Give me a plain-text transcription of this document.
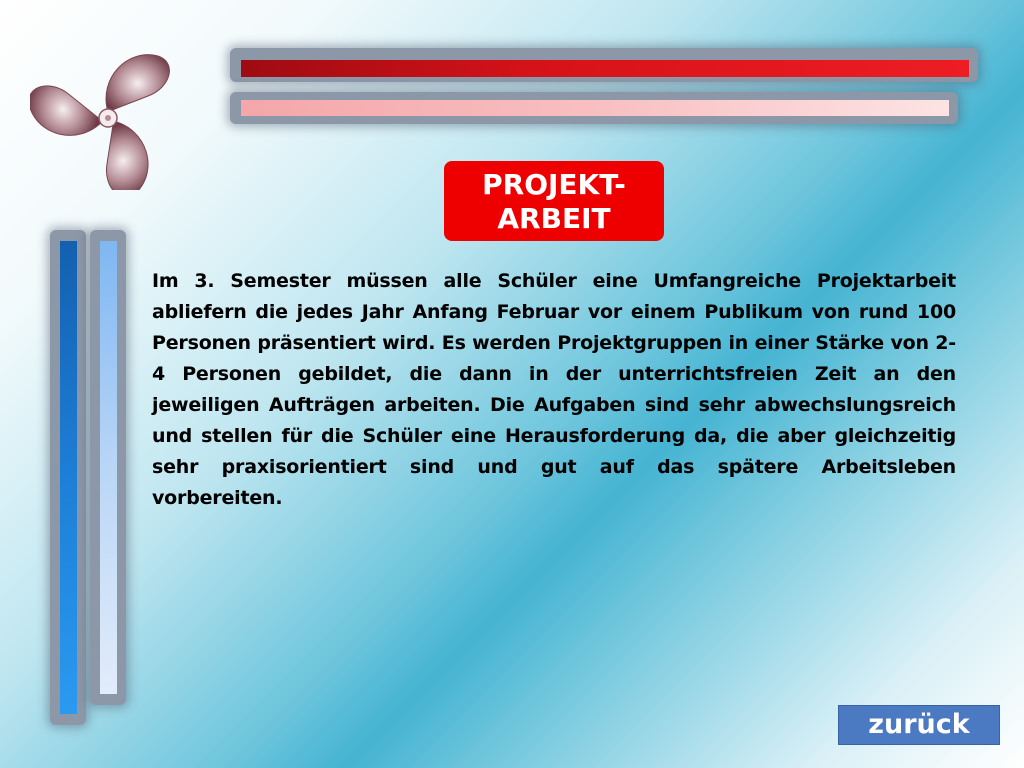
PROJEKT-
ARBEIT
Im 3. Semester müssen alle Schüler eine Umfangreiche Projektarbeit abliefern die jedes Jahr Anfang Februar vor einem Publikum von rund 100 Personen präsentiert wird. Es werden Projektgruppen in einer Stärke von 2-4 Personen gebildet, die dann in der unterrichtsfreien Zeit an den jeweiligen Aufträgen arbeiten. Die Aufgaben sind sehr abwechslungsreich und stellen für die Schüler eine Herausforderung da, die aber gleichzeitig sehr praxisorientiert sind und gut auf das spätere Arbeitsleben vorbereiten.
zurück
